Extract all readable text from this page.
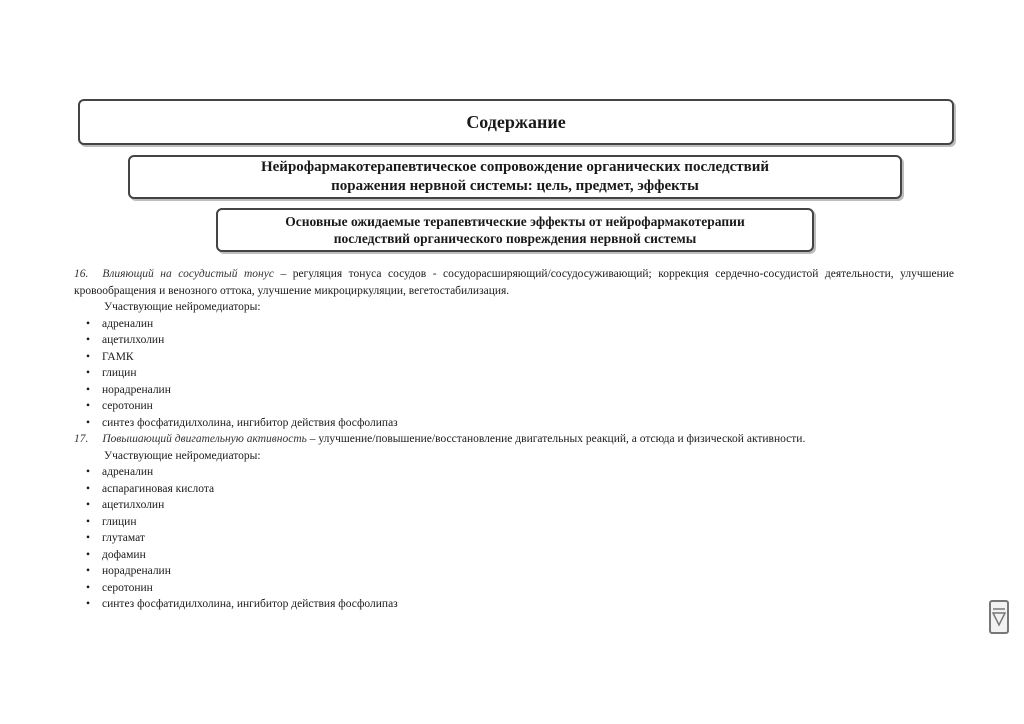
Содержание
Нейрофармакотерапевтическое сопровождение органических последствий
поражения нервной системы: цель, предмет, эффекты
Основные ожидаемые терапевтические эффекты от нейрофармакотерапии
последствий органического повреждения нервной системы
16. Влияющий на сосудистый тонус – регуляция тонуса сосудов - сосудорасширяющий/сосудосуживающий; коррекция сердечно-сосудистой деятельности, улучшение кровообращения и венозного оттока, улучшение микроциркуляции, вегетостабилизация.
Участвующие нейромедиаторы:
• адреналин
• ацетилхолин
• ГАМК
• глицин
• норадреналин
• серотонин
• синтез фосфатидилхолина, ингибитор действия фосфолипаз
17. Повышающий двигательную активность – улучшение/повышение/восстановление двигательных реакций, а отсюда и физической активности.
Участвующие нейромедиаторы:
• адреналин
• аспарагиновая кислота
• ацетилхолин
• глицин
• глутамат
• дофамин
• норадреналин
• серотонин
• синтез фосфатидилхолина, ингибитор действия фосфолипаз
